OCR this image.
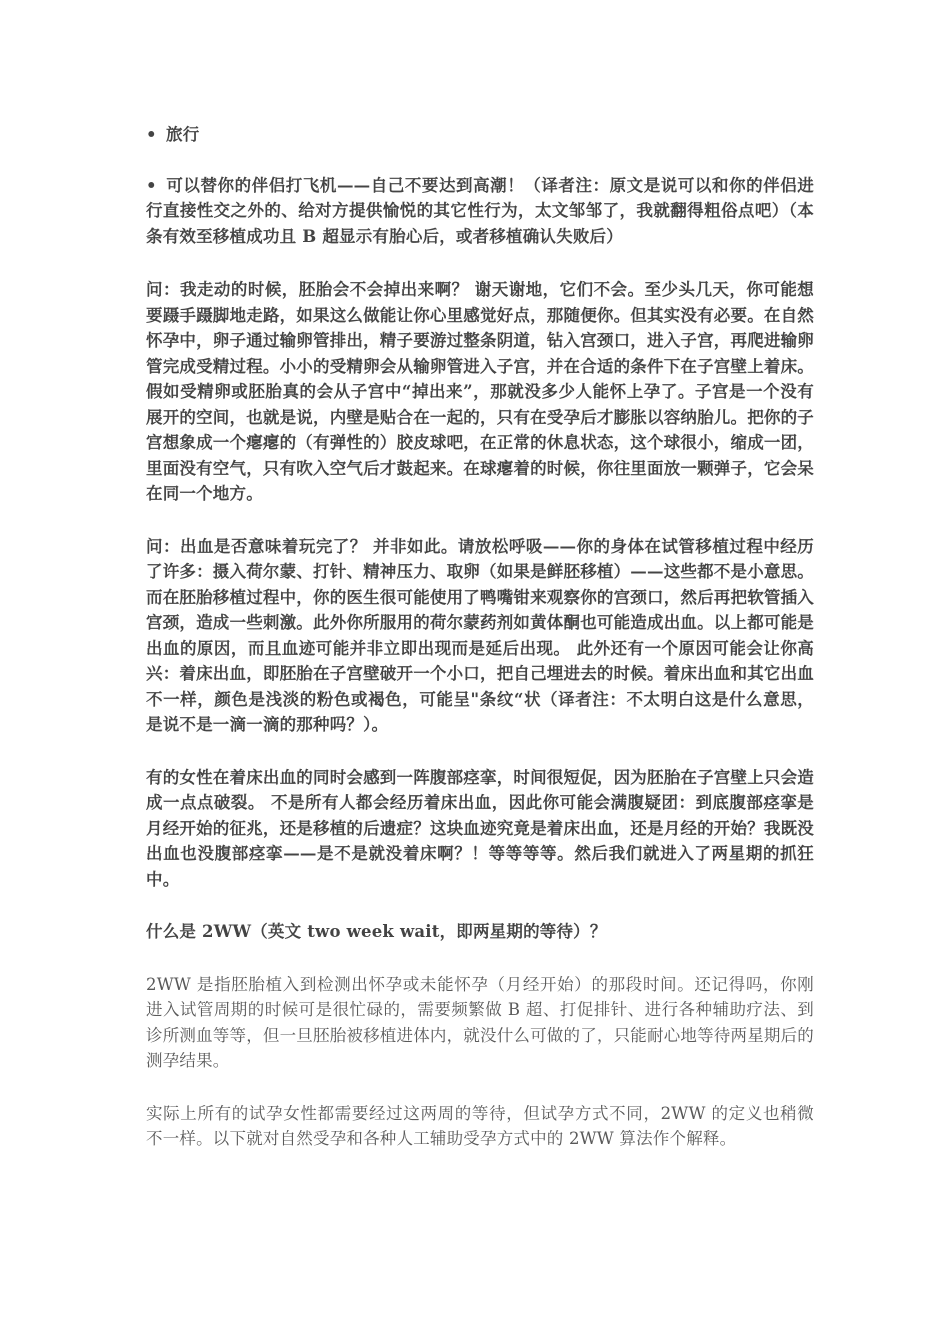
• 旅行

• 可以替你的伴侣打飞机——自己不要达到高潮！（译者注：原文是说可以和你的伴侣进行直接性交之外的、给对方提供愉悦的其它性行为，太文邹邹了，我就翻得粗俗点吧）（本条有效至移植成功且 B 超显示有胎心后，或者移植确认失败后）

问：我走动的时候，胚胎会不会掉出来啊？ 谢天谢地，它们不会。至少头几天，你可能想要蹑手蹑脚地走路，如果这么做能让你心里感觉好点，那随便你。但其实没有必要。在自然怀孕中，卵子通过输卵管排出，精子要游过整条阴道，钻入宫颈口，进入子宫，再爬进输卵管完成受精过程。小小的受精卵会从输卵管进入子宫，并在合适的条件下在子宫壁上着床。 假如受精卵或胚胎真的会从子宫中“掉出来”，那就没多少人能怀上孕了。子宫是一个没有展开的空间，也就是说，内壁是贴合在一起的，只有在受孕后才膨胀以容纳胎儿。把你的子宫想象成一个瘪瘪的（有弹性的）胶皮球吧，在正常的休息状态，这个球很小，缩成一团，里面没有空气，只有吹入空气后才鼓起来。在球瘪着的时候，你往里面放一颗弹子，它会呆在同一个地方。

问：出血是否意味着玩完了？ 并非如此。请放松呼吸——你的身体在试管移植过程中经历了许多：摄入荷尔蒙、打针、精神压力、取卵（如果是鲜胚移植）——这些都不是小意思。而在胚胎移植过程中，你的医生很可能使用了鸭嘴钳来观察你的宫颈口，然后再把软管插入宫颈，造成一些刺激。此外你所服用的荷尔蒙药剂如黄体酮也可能造成出血。以上都可能是出血的原因，而且血迹可能并非立即出现而是延后出现。 此外还有一个原因可能会让你高兴：着床出血，即胚胎在子宫壁破开一个小口，把自己埋进去的时候。着床出血和其它出血不一样，颜色是浅淡的粉色或褐色，可能呈"条纹“状（译者注：不太明白这是什么意思，是说不是一滴一滴的那种吗？）。

有的女性在着床出血的同时会感到一阵腹部痉挛，时间很短促，因为胚胎在子宫壁上只会造成一点点破裂。 不是所有人都会经历着床出血，因此你可能会满腹疑团：到底腹部痉挛是月经开始的征兆，还是移植的后遗症？这块血迹究竟是着床出血，还是月经的开始？我既没出血也没腹部痉挛——是不是就没着床啊？！等等等等。然后我们就进入了两星期的抓狂中。

什么是 2WW（英文 two week wait，即两星期的等待）？

2WW 是指胚胎植入到检测出怀孕或未能怀孕（月经开始）的那段时间。还记得吗，你刚进入试管周期的时候可是很忙碌的，需要频繁做 B 超、打促排针、进行各种辅助疗法、到诊所测血等等，但一旦胚胎被移植进体内，就没什么可做的了，只能耐心地等待两星期后的测孕结果。

实际上所有的试孕女性都需要经过这两周的等待，但试孕方式不同，2WW 的定义也稍微不一样。以下就对自然受孕和各种人工辅助受孕方式中的 2WW 算法作个解释。
